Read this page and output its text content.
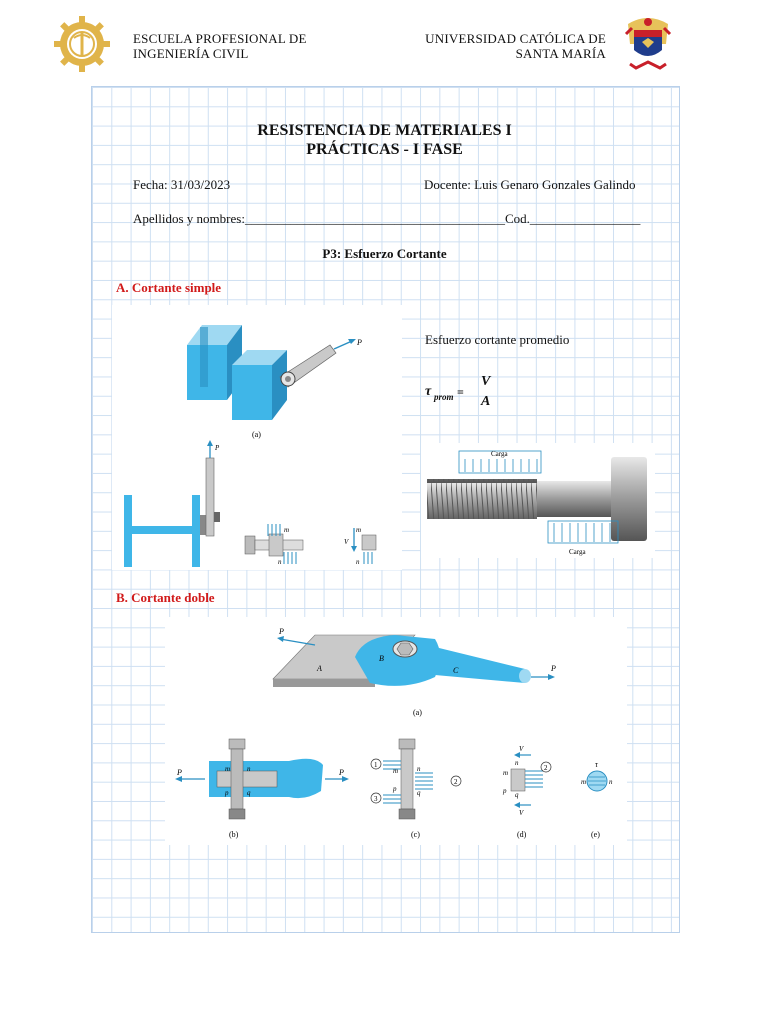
ESCUELA PROFESIONAL DE
INGENIERÍA CIVIL
UNIVERSIDAD CATÓLICA DE
SANTA MARÍA
RESISTENCIA DE MATERIALES I
PRÁCTICAS - I FASE
Fecha: 31/03/2023	Docente: Luis Genaro Gonzales Galindo
Apellidos y nombres:________________________________________Cod._________________
P3: Esfuerzo Cortante
A. Cortante simple
P
(a)
Esfuerzo cortante promedio
τ prom =
V
A
P
m
n
V
m
n
Carga
Carga
B. Cortante doble
P
P
A
B
C
(a)
P	P
m n
p	q
(b)
1
2
3
m	n
p	q
(c)
V
V
2
m
n
p q
(d)
τ
m	n
(e)
